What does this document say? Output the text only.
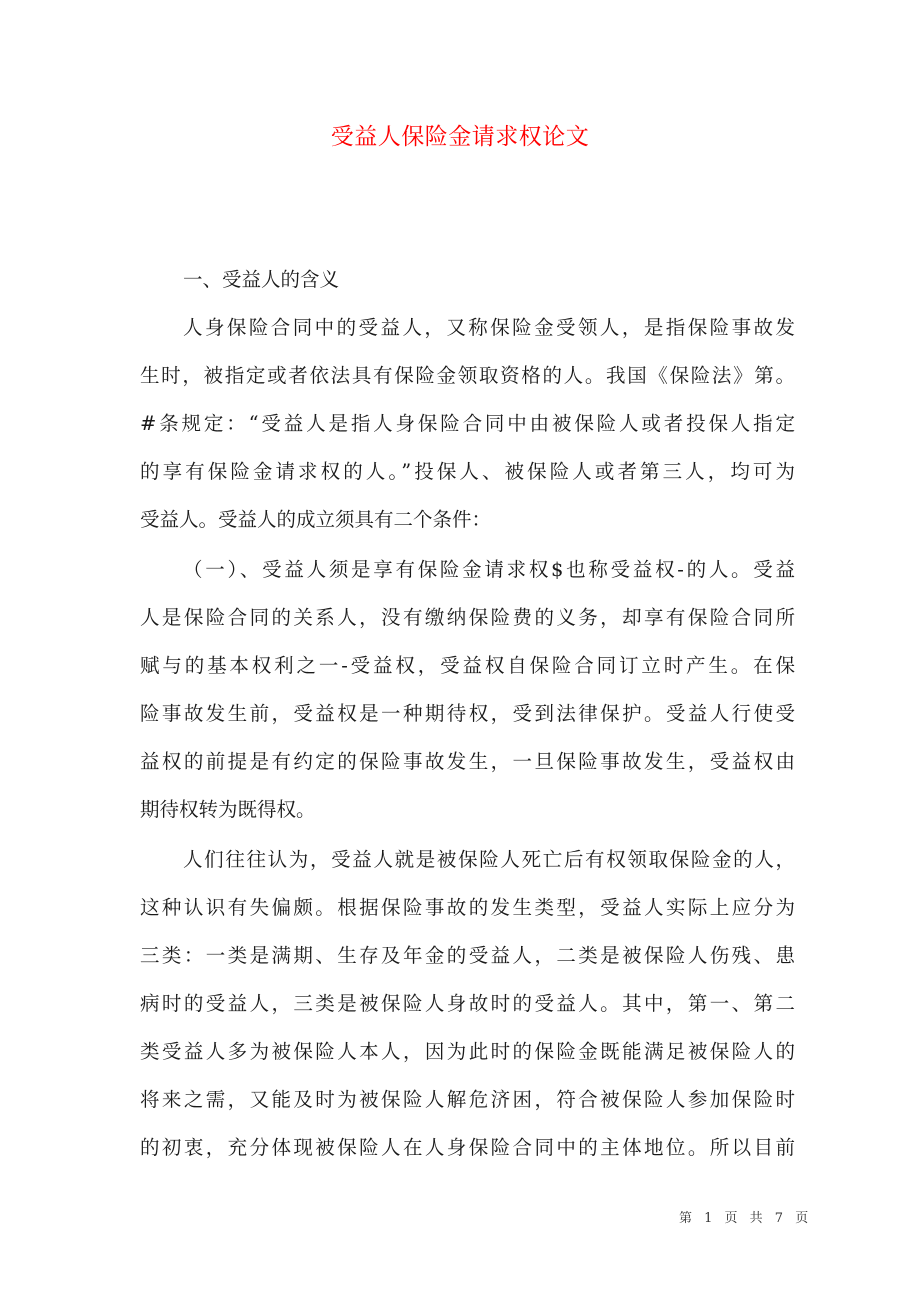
受益人保险金请求权论文
一、受益人的含义
人身保险合同中的受益人，又称保险金受领人，是指保险事故发
生时，被指定或者依法具有保险金领取资格的人。我国《保险法》第。
#条规定：“受益人是指人身保险合同中由被保险人或者投保人指定
的享有保险金请求权的人。”投保人、被保险人或者第三人，均可为
受益人。受益人的成立须具有二个条件：
（一）、受益人须是享有保险金请求权$也称受益权-的人。受益
人是保险合同的关系人，没有缴纳保险费的义务，却享有保险合同所
赋与的基本权利之一-受益权，受益权自保险合同订立时产生。在保
险事故发生前，受益权是一种期待权，受到法律保护。受益人行使受
益权的前提是有约定的保险事故发生，一旦保险事故发生，受益权由
期待权转为既得权。
人们往往认为，受益人就是被保险人死亡后有权领取保险金的人，
这种认识有失偏颇。根据保险事故的发生类型，受益人实际上应分为
三类：一类是满期、生存及年金的受益人，二类是被保险人伤残、患
病时的受益人，三类是被保险人身故时的受益人。其中，第一、第二
类受益人多为被保险人本人，因为此时的保险金既能满足被保险人的
将来之需，又能及时为被保险人解危济困，符合被保险人参加保险时
的初衷，充分体现被保险人在人身保险合同中的主体地位。所以目前
第 1 页 共 7 页
